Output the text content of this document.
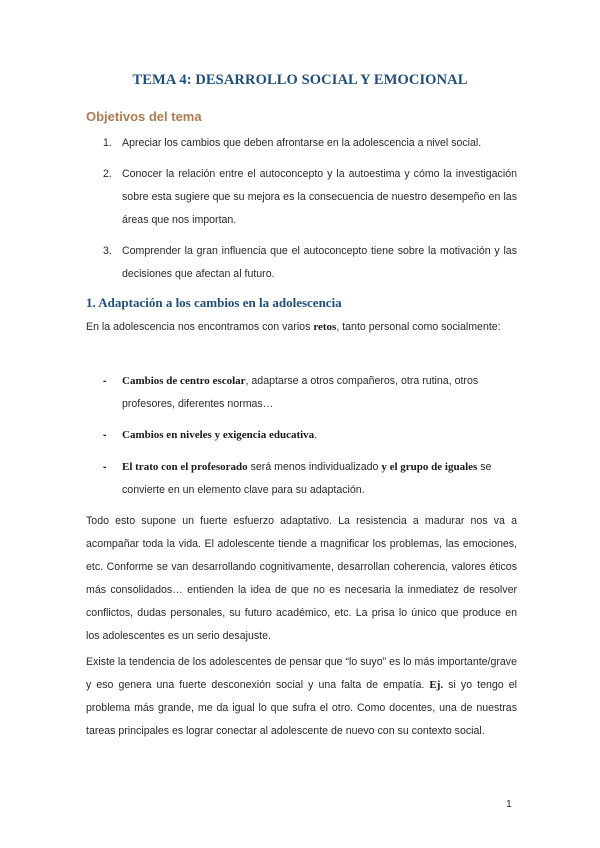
TEMA 4: DESARROLLO SOCIAL Y EMOCIONAL
Objetivos del tema
1. Apreciar los cambios que deben afrontarse en la adolescencia a nivel social.
2. Conocer la relación entre el autoconcepto y la autoestima y cómo la investigación sobre esta sugiere que su mejora es la consecuencia de nuestro desempeño en las áreas que nos importan.
3. Comprender la gran influencia que el autoconcepto tiene sobre la motivación y las decisiones que afectan al futuro.
1. Adaptación a los cambios en la adolescencia
En la adolescencia nos encontramos con varios retos, tanto personal como socialmente:
- Cambios de centro escolar, adaptarse a otros compañeros, otra rutina, otros profesores, diferentes normas…
- Cambios en niveles y exigencia educativa.
- El trato con el profesorado será menos individualizado y el grupo de iguales se convierte en un elemento clave para su adaptación.
Todo esto supone un fuerte esfuerzo adaptativo. La resistencia a madurar nos va a acompañar toda la vida. El adolescente tiende a magnificar los problemas, las emociones, etc. Conforme se van desarrollando cognitivamente, desarrollan coherencia, valores éticos más consolidados… entienden la idea de que no es necesaria la inmediatez de resolver conflictos, dudas personales, su futuro académico, etc. La prisa lo único que produce en los adolescentes es un serio desajuste.
Existe la tendencia de los adolescentes de pensar que “lo suyo” es lo más importante/grave y eso genera una fuerte desconexión social y una falta de empatía. Ej. si yo tengo el problema más grande, me da igual lo que sufra el otro. Como docentes, una de nuestras tareas principales es lograr conectar al adolescente de nuevo con su contexto social.
1
